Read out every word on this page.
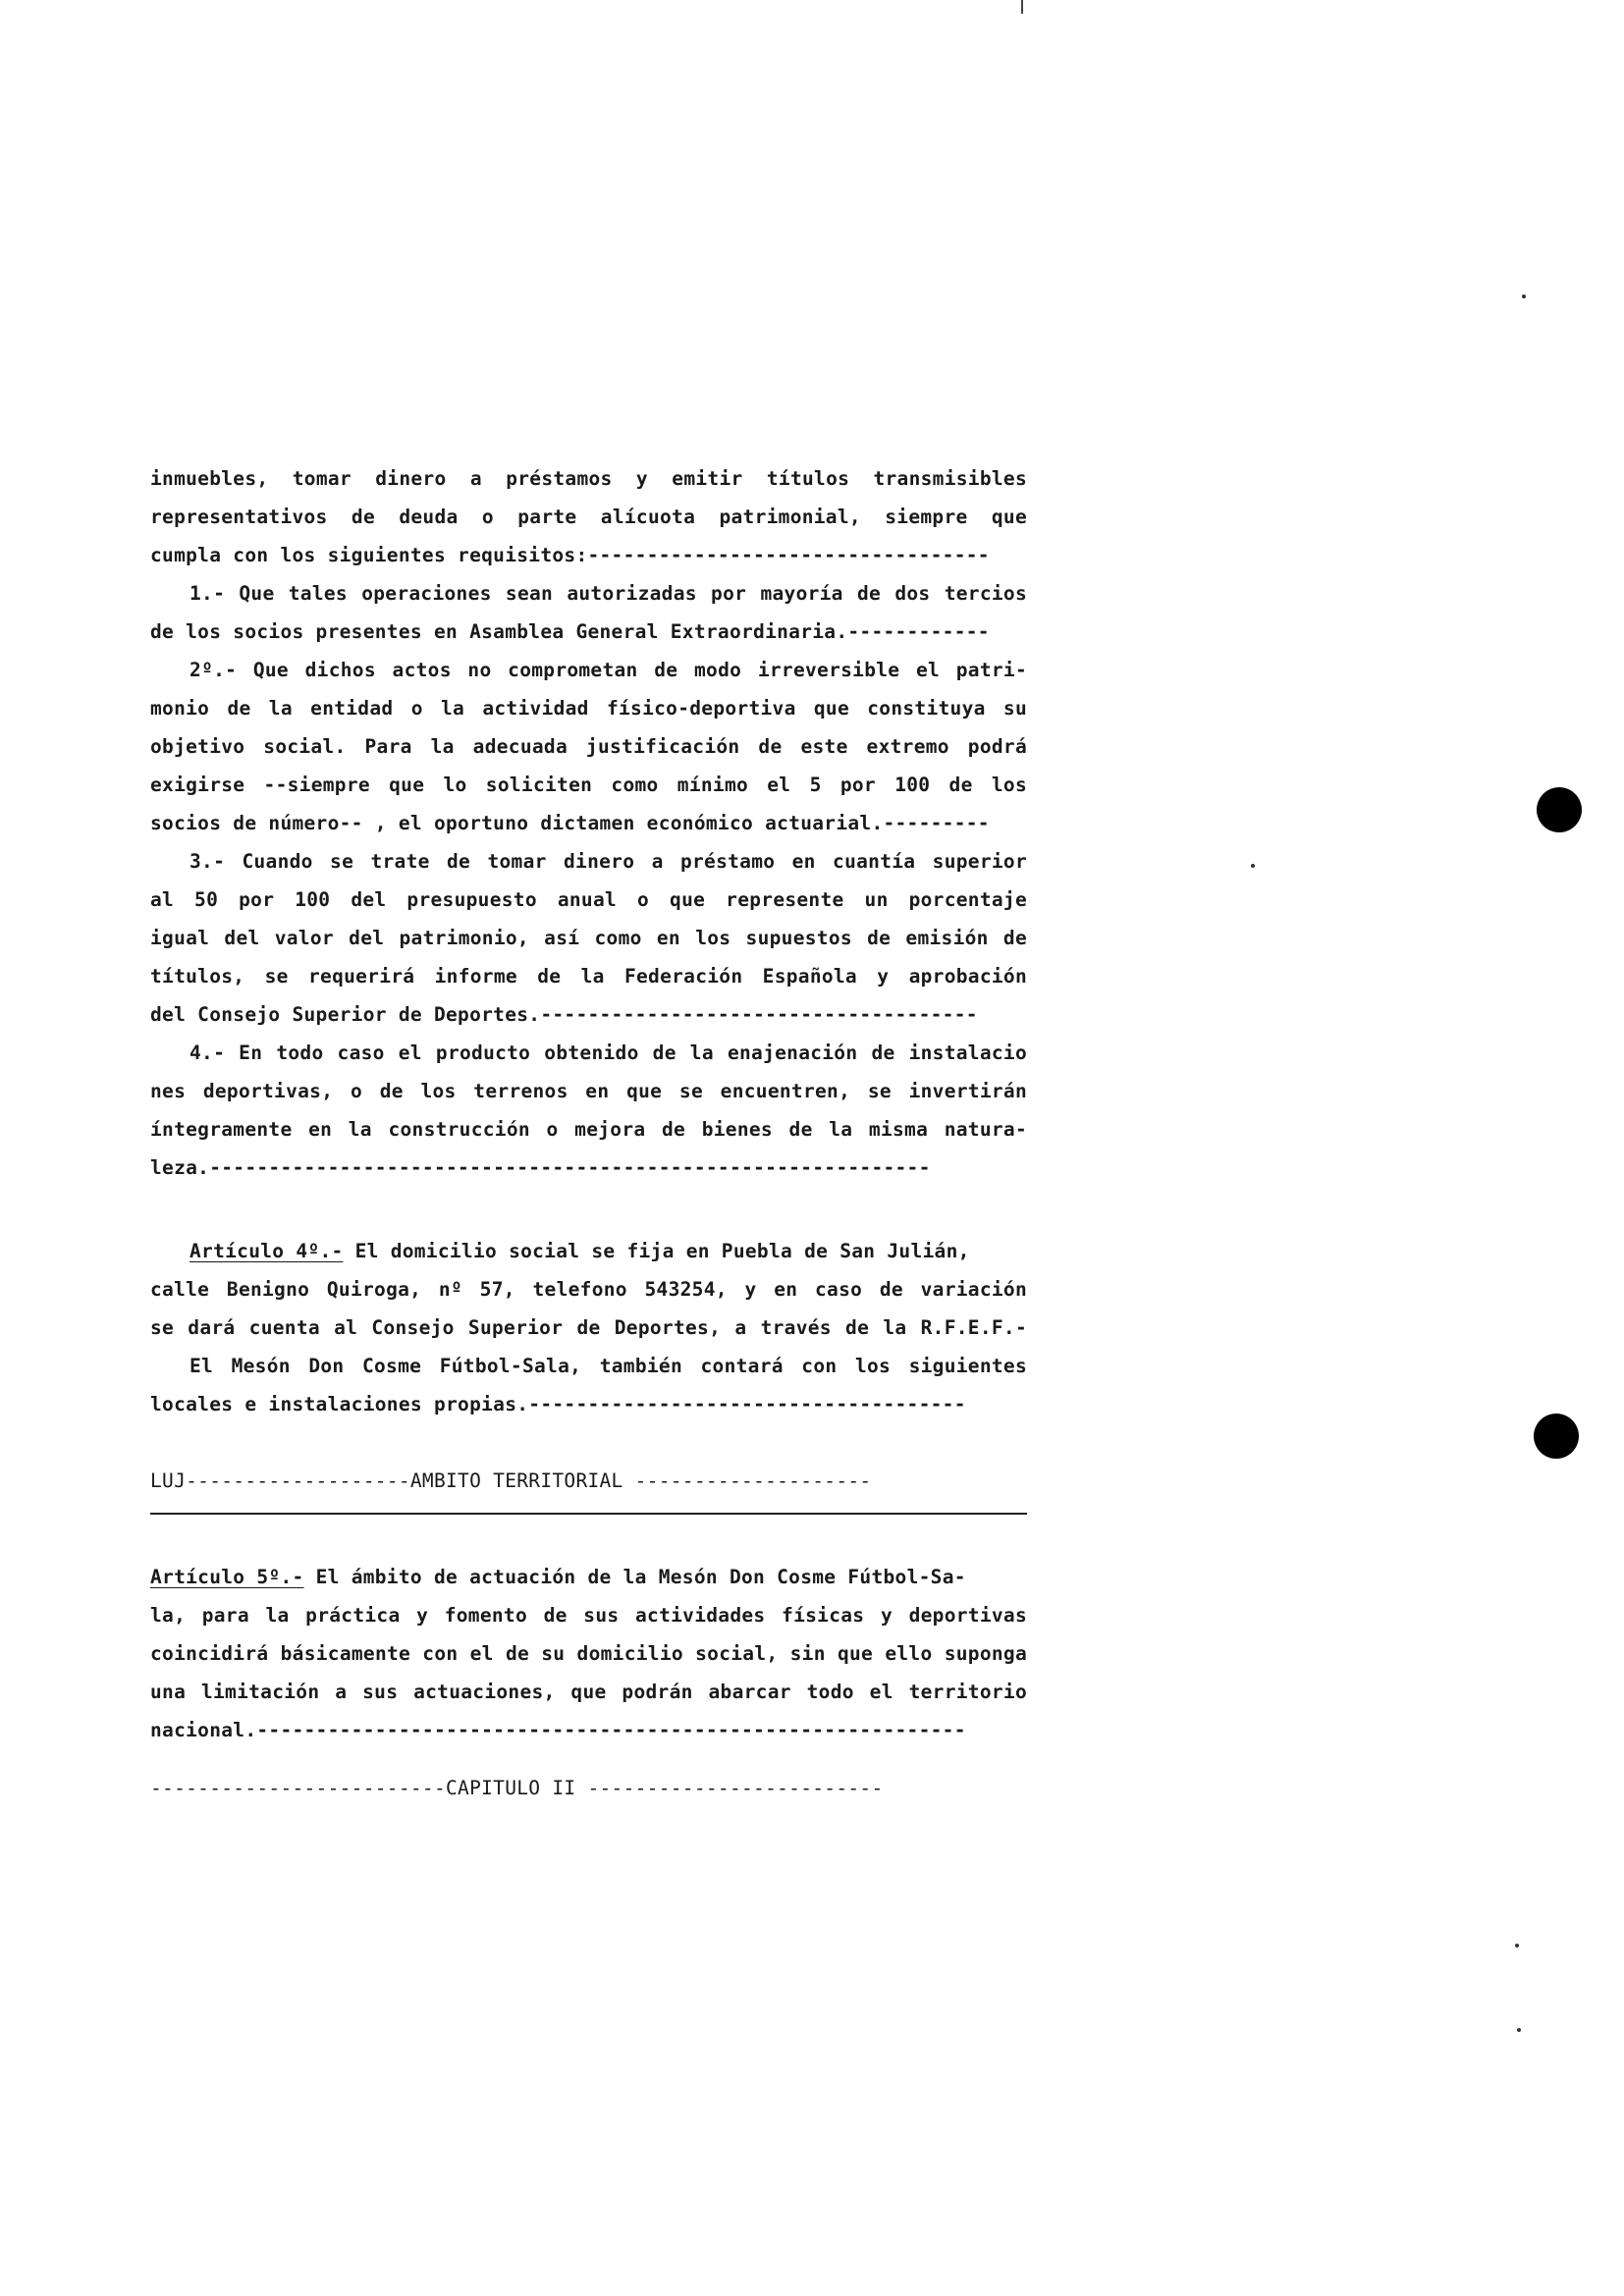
inmuebles, tomar dinero a préstamos y emitir títulos transmisibles
representativos de deuda o parte alícuota patrimonial, siempre que
cumpla con los siguientes requisitos:----------------------------------
1.- Que tales operaciones sean autorizadas por mayoría de dos tercios
de los socios presentes en Asamblea General Extraordinaria.------------
2º.- Que dichos actos no comprometan de modo irreversible el patri-
monio de la entidad o la actividad físico-deportiva que constituya su
objetivo social. Para la adecuada justificación de este extremo podrá
exigirse --siempre que lo soliciten como mínimo el 5 por 100 de los
socios de número-- , el oportuno dictamen económico actuarial.---------
3.- Cuando se trate de tomar dinero a préstamo en cuantía superior
al 50 por 100 del presupuesto anual o que represente un porcentaje
igual del valor del patrimonio, así como en los supuestos de emisión de
títulos, se requerirá informe de la Federación Española y aprobación
del Consejo Superior de Deportes.-------------------------------------
4.- En todo caso el producto obtenido de la enajenación de instalacio
nes deportivas, o de los terrenos en que se encuentren, se invertirán
íntegramente en la construcción o mejora de bienes de la misma natura-
leza.-------------------------------------------------------------
Artículo 4º.- El domicilio social se fija en Puebla de San Julián,
calle Benigno Quiroga, nº 57, telefono 543254, y en caso de variación
se dará cuenta al Consejo Superior de Deportes, a través de la R.F.E.F.-
El Mesón Don Cosme Fútbol-Sala, también contará con los siguientes
locales e instalaciones propias.-------------------------------------
LUJ-------------------AMBITO TERRITORIAL --------------------
Artículo 5º.- El ámbito de actuación de la Mesón Don Cosme Fútbol-Sa-
la, para la práctica y fomento de sus actividades físicas y deportivas
coincidirá básicamente con el de su domicilio social, sin que ello suponga
una limitación a sus actuaciones, que podrán abarcar todo el territorio
nacional.------------------------------------------------------------
-------------------------CAPITULO II -------------------------
